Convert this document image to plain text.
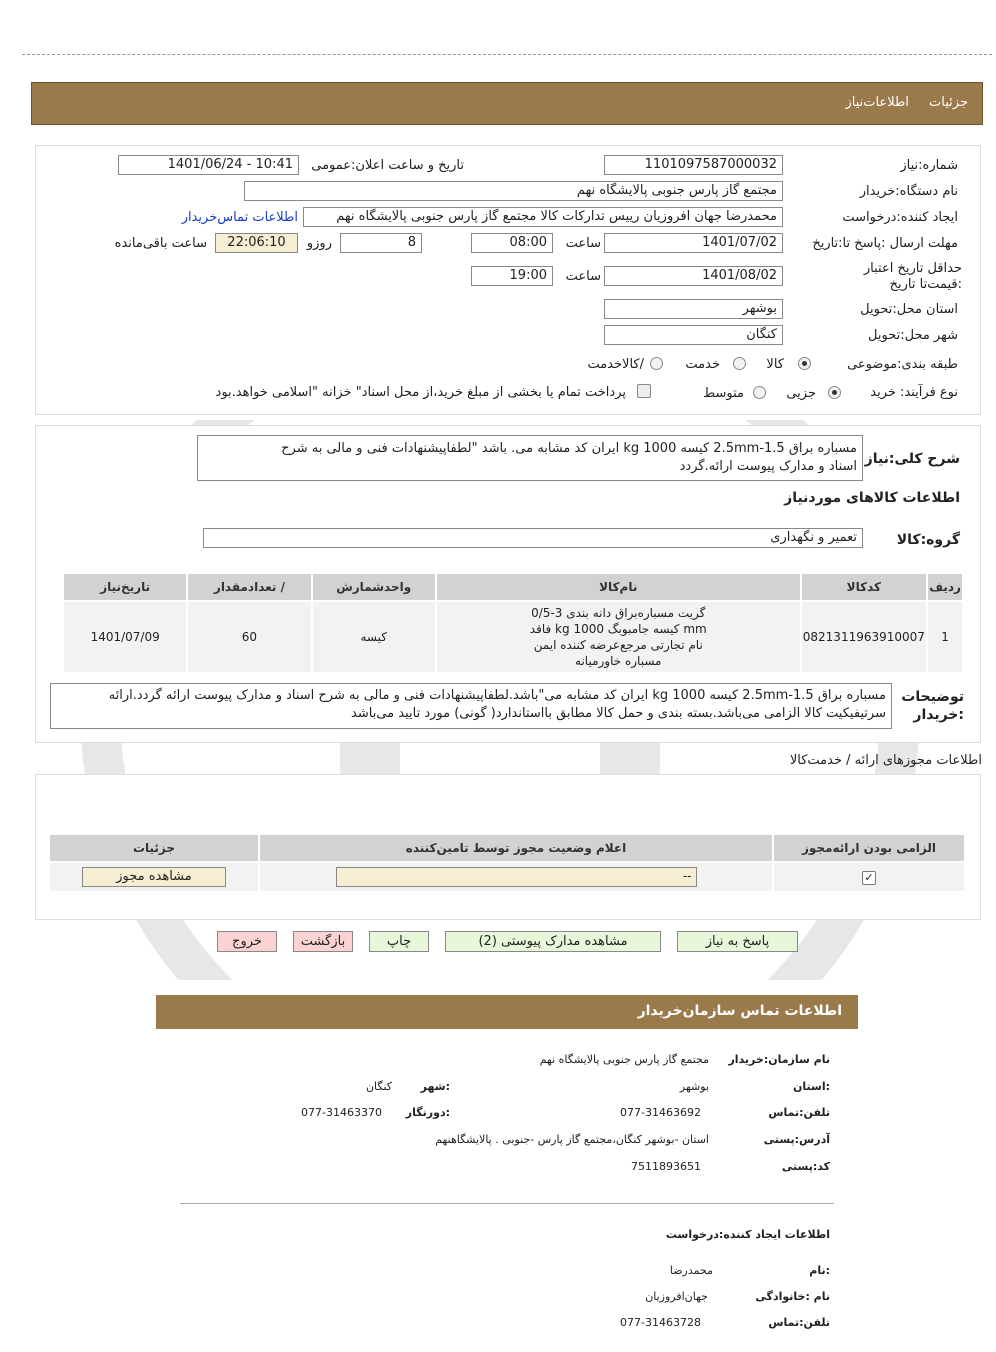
جزئیات اطلاعات‌نیاز
شماره:نیاز
1101097587000032
تاریخ و ساعت اعلان:عمومی
1401/06/24 - 10:41
نام دستگاه:خریدار
مجتمع گاز پارس جنوبی پالایشگاه نهم
ایجاد کننده:درخواست
محمدرضا جهان افروزیان رییس تدارکات کالا مجتمع گاز پارس جنوبی پالایشگاه نهم
اطلاعات تماس‌خریدار
مهلت ارسال :پاسخ تا:تاریخ
1401/07/02
ساعت
08:00
8
روزو
22:06:10
ساعت باقی‌مانده
حداقل تاریخ اعتبار :قیمت‌تا تاریخ
1401/08/02
ساعت
19:00
استان محل:تحویل
بوشهر
شهر محل:تحویل
کنگان
طبقه بندی:موضوعی
کالا
خدمت
/کالاخدمت
نوع فرآیند: خرید
جزیی
متوسط
پرداخت تمام یا بخشی از مبلغ خرید،از محل اسناد" خزانه "اسلامی خواهد.بود
شرح کلی:نیاز
مسباره براق 1.5-2.5mm کیسه 1000 kg ایران کد مشابه می. باشد "لطفاپیشنهادات فنی و مالی به شرح
اسناد و مدارک پیوست ارائه.گردد
اطلاعات کالاهای موردنیاز
گروه:کالا
تعمیر و نگهداری
ردیف	کدکالا	نام‌کالا	واحدشمارش	/ تعدادمقدار	تاریخ‌نیاز
1	0821311963910007	گریت مسباره‌براق دانه بندی 3-0/5
mm کیسه جامبوبگ 1000 kg فاقد
نام تجارتی مرجع‌عرضه کننده ایمن
مسباره خاورمیانه	کیسه	60	1401/07/09
توضیحات :خریدار
مسباره براق 1.5-2.5mm کیسه 1000 kg ایران کد مشابه می"باشد.لطفاپیشنهادات فنی و مالی به شرح اسناد و مدارک پیوست ارائه گردد.ارائه
سرتیفیکیت کالا الزامی می‌باشد.بسته بندی و حمل کالا مطابق بااستاندارد( گونی) مورد تایید می‌باشد
اطلاعات مجوزهای ارائه / خدمت‌کالا
الزامی بودن ارائه‌مجوز	اعلام وضعیت مجوز توسط تامین‌کننده	جزئیات
✓	--	مشاهده مجوز
پاسخ به نیاز
مشاهده مدارک پیوستی (2)
چاپ
بازگشت
خروج
اطلاعات تماس سازمان‌خریدار
نام سازمان:خریدار
مجتمع گاز پارس جنوبی پالایشگاه نهم
:استان
بوشهر
:شهر
کنگان
تلفن:تماس
077-31463692
:دورنگار
077-31463370
آدرس:پستی
استان -بوشهر کنگان،مجتمع گاز پارس -جنوبی . پالایشگاهنهم
کد:پستی
7511893651
اطلاعات ایجاد کننده:درخواست
:نام
محمدرضا
نام :خانوادگی
جهان‌افروزیان
تلفن:تماس
077-31463728
